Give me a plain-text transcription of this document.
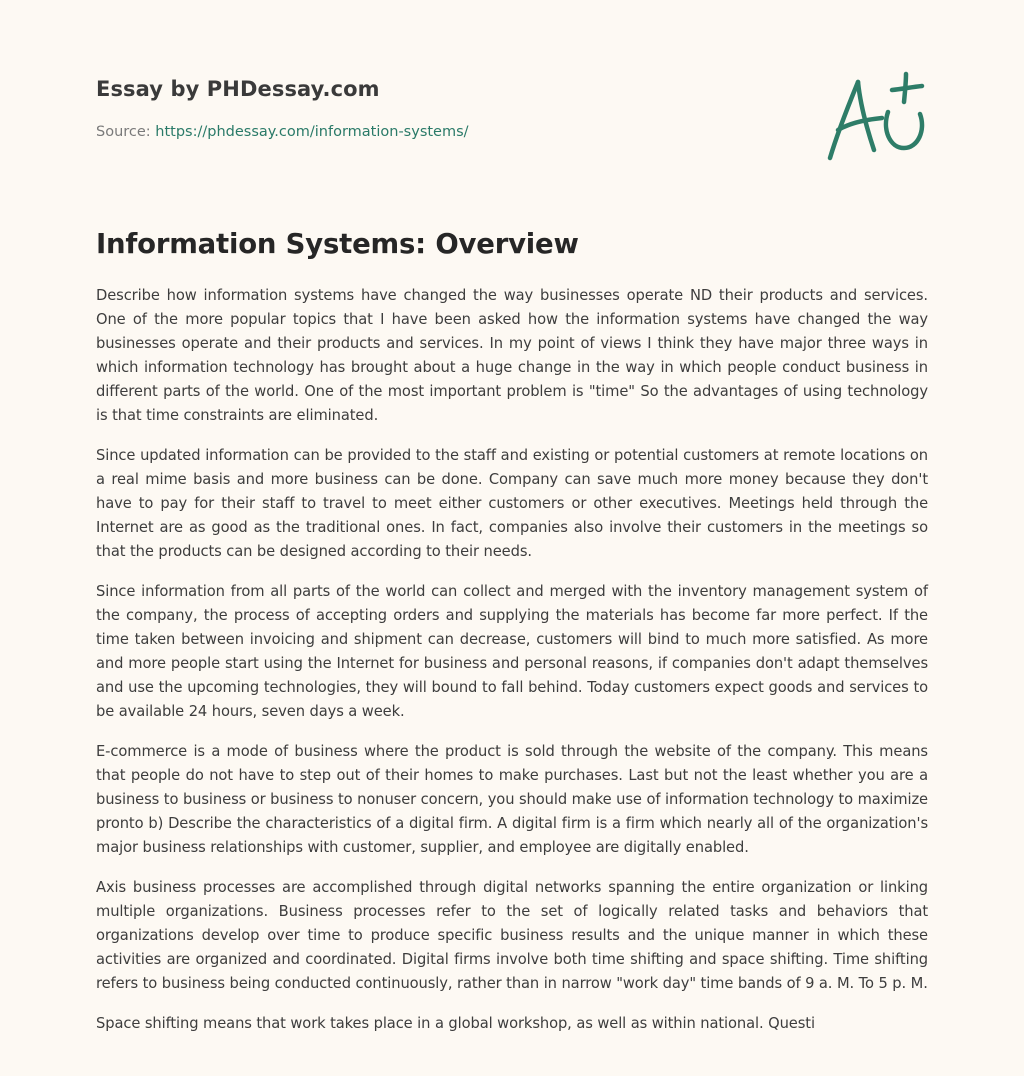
Essay by PHDessay.com
Source: https://phdessay.com/information-systems/
Information Systems: Overview

Describe how information systems have changed the way businesses operate ND their products and services. One of the more popular topics that I have been asked how the information systems have changed the way businesses operate and their products and services. In my point of views I think they have major three ways in which information technology has brought about a huge change in the way in which people conduct business in different parts of the world. One of the most important problem is "time" So the advantages of using technology is that time constraints are eliminated.

Since updated information can be provided to the staff and existing or potential customers at remote locations on a real mime basis and more business can be done. Company can save much more money because they don't have to pay for their staff to travel to meet either customers or other executives. Meetings held through the Internet are as good as the traditional ones. In fact, companies also involve their customers in the meetings so that the products can be designed according to their needs.

Since information from all parts of the world can collect and merged with the inventory management system of the company, the process of accepting orders and supplying the materials has become far more perfect. If the time taken between invoicing and shipment can decrease, customers will bind to much more satisfied. As more and more people start using the Internet for business and personal reasons, if companies don't adapt themselves and use the upcoming technologies, they will bound to fall behind. Today customers expect goods and services to be available 24 hours, seven days a week.

E-commerce is a mode of business where the product is sold through the website of the company. This means that people do not have to step out of their homes to make purchases. Last but not the least whether you are a business to business or business to nonuser concern, you should make use of information technology to maximize pronto b) Describe the characteristics of a digital firm. A digital firm is a firm which nearly all of the organization's major business relationships with customer, supplier, and employee are digitally enabled.

Axis business processes are accomplished through digital networks spanning the entire organization or linking multiple organizations. Business processes refer to the set of logically related tasks and behaviors that organizations develop over time to produce specific business results and the unique manner in which these activities are organized and coordinated. Digital firms involve both time shifting and space shifting. Time shifting refers to business being conducted continuously, rather than in narrow "work day" time bands of 9 a. M. To 5 p. M.

Space shifting means that work takes place in a global workshop, as well as within national. Questi
